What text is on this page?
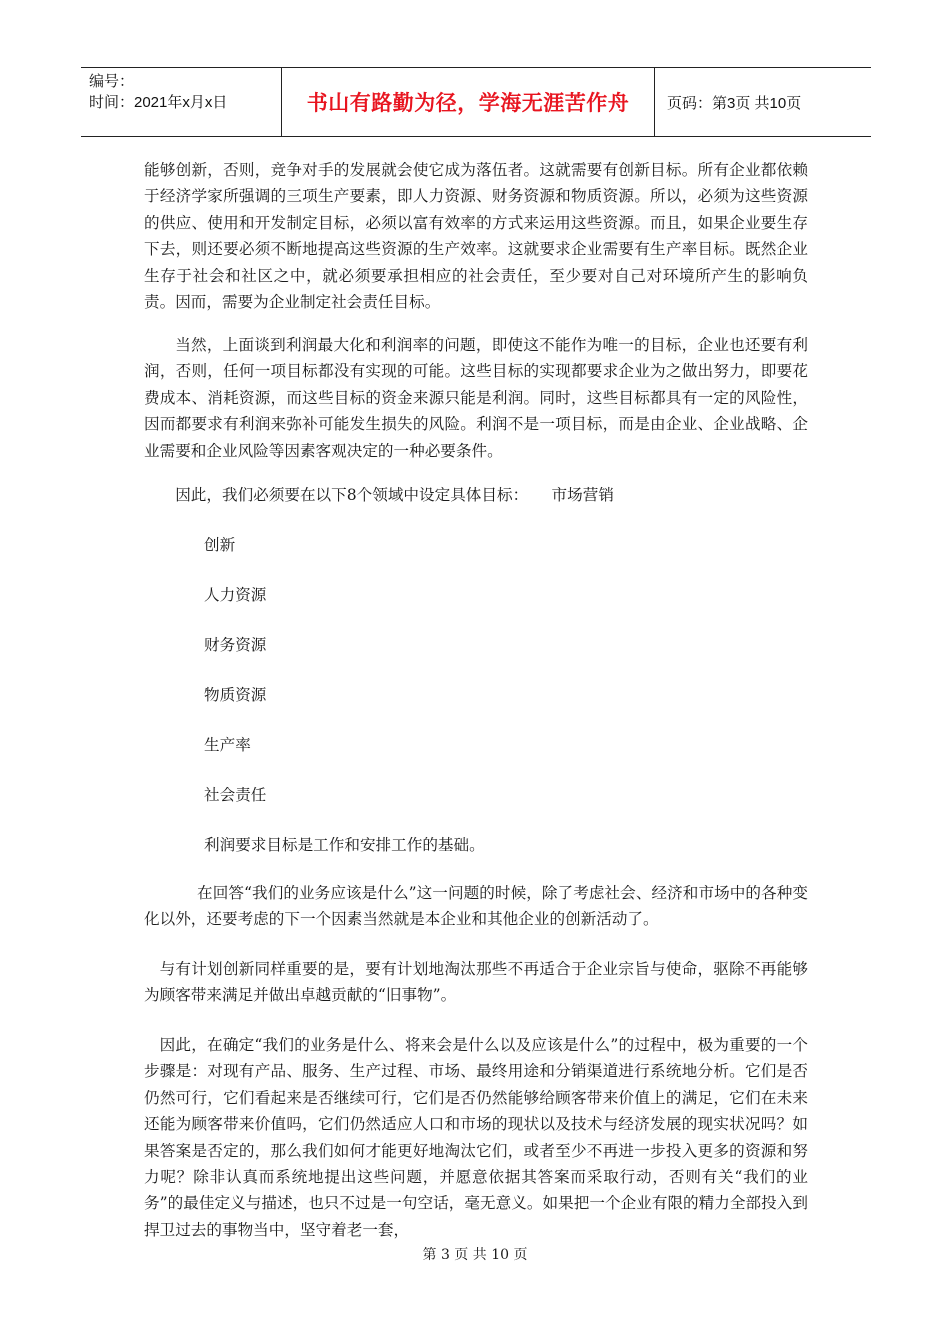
编号：
时间：2021年x月x日	书山有路勤为径，学海无涯苦作舟	页码：第3页 共10页

能够创新，否则，竞争对手的发展就会使它成为落伍者。这就需要有创新目标。所有企业都依赖于经济学家所强调的三项生产要素，即人力资源、财务资源和物质资源。所以，必须为这些资源的供应、使用和开发制定目标，必须以富有效率的方式来运用这些资源。而且，如果企业要生存下去，则还要必须不断地提高这些资源的生产效率。这就要求企业需要有生产率目标。既然企业生存于社会和社区之中，就必须要承担相应的社会责任，至少要对自己对环境所产生的影响负责。因而，需要为企业制定社会责任目标。

当然，上面谈到利润最大化和利润率的问题，即使这不能作为唯一的目标，企业也还要有利润，否则，任何一项目标都没有实现的可能。这些目标的实现都要求企业为之做出努力，即要花费成本、消耗资源，而这些目标的资金来源只能是利润。同时，这些目标都具有一定的风险性，因而都要求有利润来弥补可能发生损失的风险。利润不是一项目标，而是由企业、企业战略、企业需要和企业风险等因素客观决定的一种必要条件。

因此，我们必须要在以下8个领域中设定具体目标：　　市场营销

创新

人力资源

财务资源

物质资源

生产率

社会责任

利润要求目标是工作和安排工作的基础。

在回答“我们的业务应该是什么”这一问题的时候，除了考虑社会、经济和市场中的各种变化以外，还要考虑的下一个因素当然就是本企业和其他企业的创新活动了。

与有计划创新同样重要的是，要有计划地淘汰那些不再适合于企业宗旨与使命，驱除不再能够为顾客带来满足并做出卓越贡献的“旧事物”。

因此，在确定“我们的业务是什么、将来会是什么以及应该是什么”的过程中，极为重要的一个步骤是：对现有产品、服务、生产过程、市场、最终用途和分销渠道进行系统地分析。它们是否仍然可行，它们看起来是否继续可行，它们是否仍然能够给顾客带来价值上的满足，它们在未来还能为顾客带来价值吗，它们仍然适应人口和市场的现状以及技术与经济发展的现实状况吗？如果答案是否定的，那么我们如何才能更好地淘汰它们，或者至少不再进一步投入更多的资源和努力呢？除非认真而系统地提出这些问题，并愿意依据其答案而采取行动，否则有关“我们的业务”的最佳定义与描述，也只不过是一句空话，毫无意义。如果把一个企业有限的精力全部投入到捍卫过去的事物当中，坚守着老一套，

第 3 页 共 10 页
